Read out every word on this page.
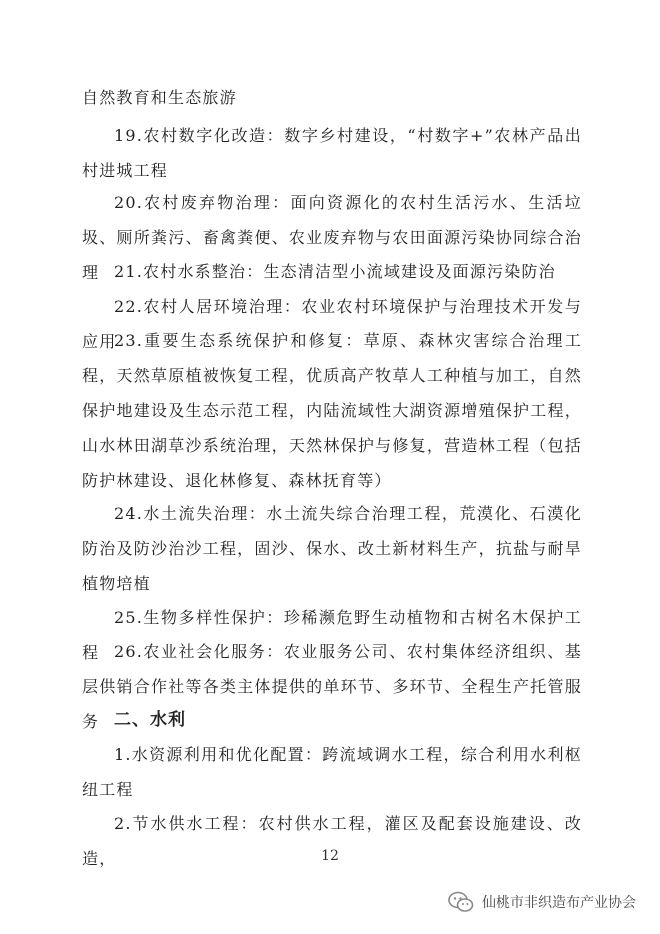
自然教育和生态旅游

19.农村数字化改造：数字乡村建设，“村数字+”农林产品出村进城工程

20.农村废弃物治理：面向资源化的农村生活污水、生活垃圾、厕所粪污、畜禽粪便、农业废弃物与农田面源污染协同综合治理 21.农村水系整治：生态清洁型小流域建设及面源污染防治

22.农村人居环境治理：农业农村环境保护与治理技术开发与应用

23.重要生态系统保护和修复：草原、森林灾害综合治理工程，天然草原植被恢复工程，优质高产牧草人工种植与加工，自然保护地建设及生态示范工程，内陆流域性大湖资源增殖保护工程，山水林田湖草沙系统治理，天然林保护与修复，营造林工程（包括防护林建设、退化林修复、森林抚育等）

24.水土流失治理：水土流失综合治理工程，荒漠化、石漠化防治及防沙治沙工程，固沙、保水、改土新材料生产，抗盐与耐旱植物培植

25.生物多样性保护：珍稀濒危野生动植物和古树名木保护工程 26.农业社会化服务：农业服务公司、农村集体经济组织、基层供销合作社等各类主体提供的单环节、多环节、全程生产托管服务 二、水利

1.水资源利用和优化配置：跨流域调水工程，综合利用水利枢纽工程

2.节水供水工程：农村供水工程，灌区及配套设施建设、改造，	12
仙桃市非织造布产业协会
